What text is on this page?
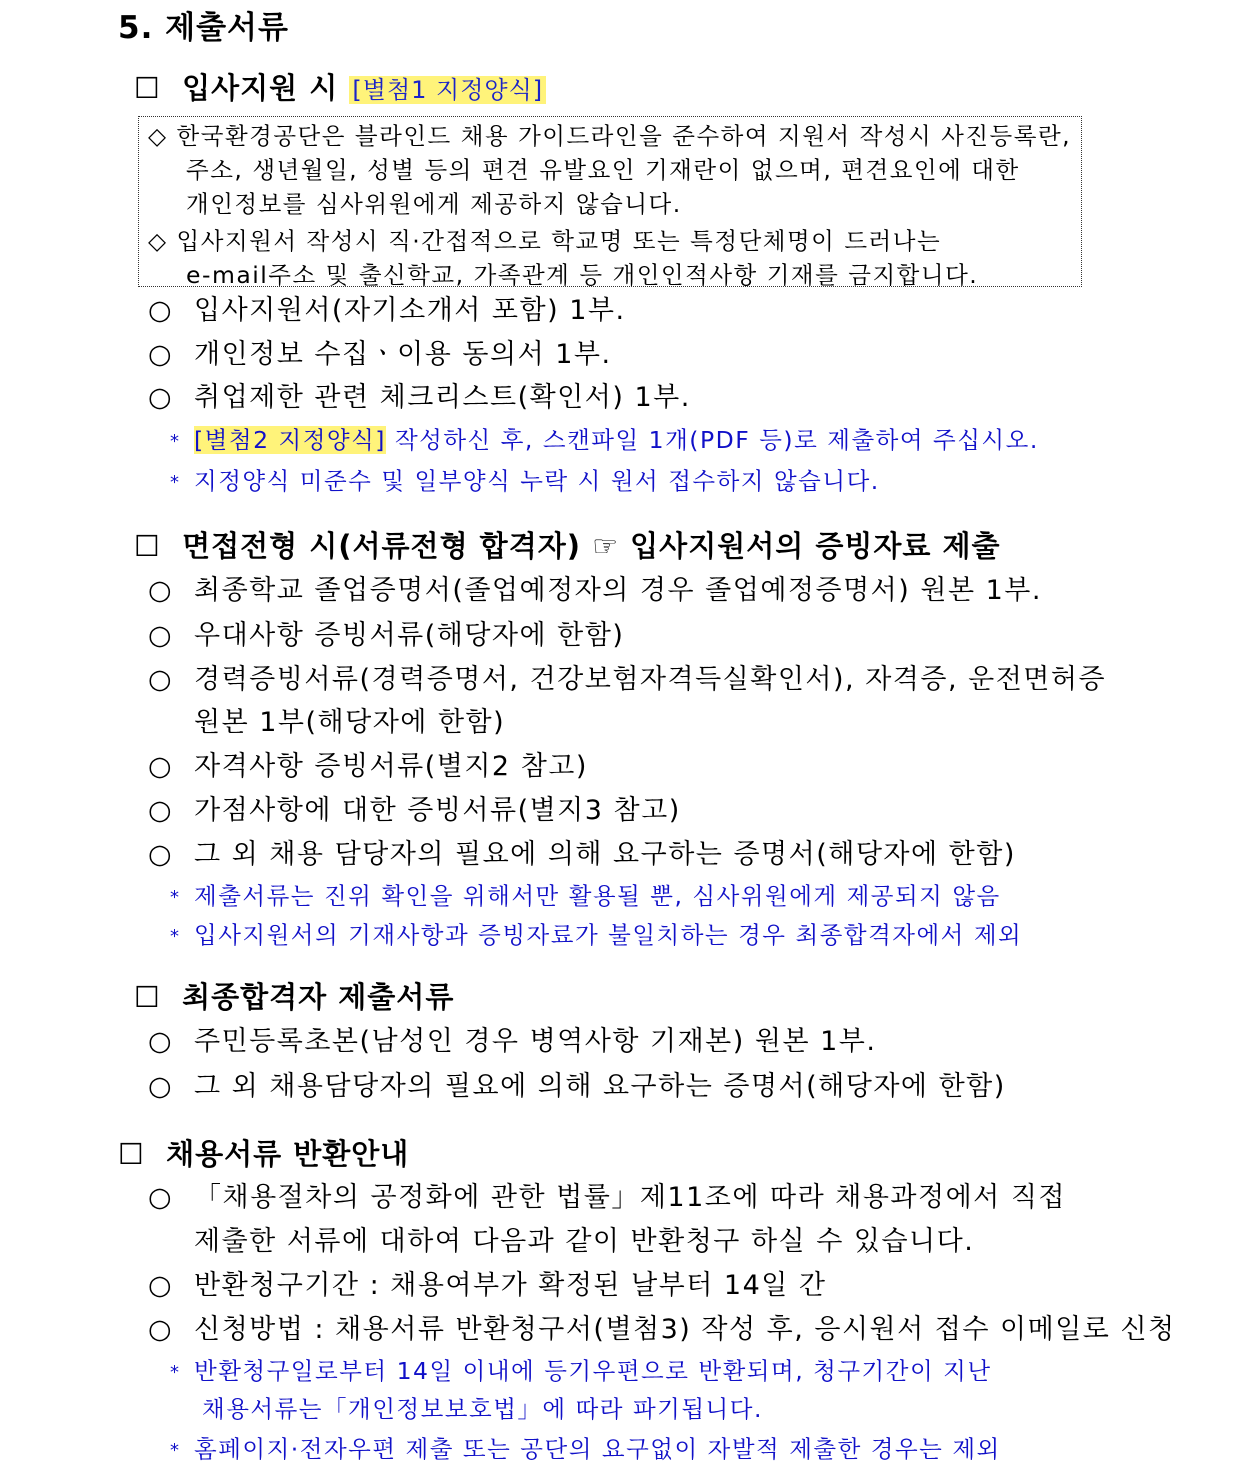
5. 제출서류
☐ 입사지원 시 [별첨1 지정양식]
◇ 한국환경공단은 블라인드 채용 가이드라인을 준수하여 지원서 작성시 사진등록란,
주소, 생년월일, 성별 등의 편견 유발요인 기재란이 없으며, 편견요인에 대한
개인정보를 심사위원에게 제공하지 않습니다.
◇ 입사지원서 작성시 직·간접적으로 학교명 또는 특정단체명이 드러나는
e-mail주소 및 출신학교, 가족관계 등 개인인적사항 기재를 금지합니다.
○ 입사지원서(자기소개서 포함) 1부.
○ 개인정보 수집ㆍ이용 동의서 1부.
○ 취업제한 관련 체크리스트(확인서) 1부.
* [별첨2 지정양식] 작성하신 후, 스캔파일 1개(PDF 등)로 제출하여 주십시오.
* 지정양식 미준수 및 일부양식 누락 시 원서 접수하지 않습니다.
☐ 면접전형 시(서류전형 합격자) ☞ 입사지원서의 증빙자료 제출
○ 최종학교 졸업증명서(졸업예정자의 경우 졸업예정증명서) 원본 1부.
○ 우대사항 증빙서류(해당자에 한함)
○ 경력증빙서류(경력증명서, 건강보험자격득실확인서), 자격증, 운전면허증
원본 1부(해당자에 한함)
○ 자격사항 증빙서류(별지2 참고)
○ 가점사항에 대한 증빙서류(별지3 참고)
○ 그 외 채용 담당자의 필요에 의해 요구하는 증명서(해당자에 한함)
* 제출서류는 진위 확인을 위해서만 활용될 뿐, 심사위원에게 제공되지 않음
* 입사지원서의 기재사항과 증빙자료가 불일치하는 경우 최종합격자에서 제외
☐ 최종합격자 제출서류
○ 주민등록초본(남성인 경우 병역사항 기재본) 원본 1부.
○ 그 외 채용담당자의 필요에 의해 요구하는 증명서(해당자에 한함)
☐ 채용서류 반환안내
○ 「채용절차의 공정화에 관한 법률」제11조에 따라 채용과정에서 직접
제출한 서류에 대하여 다음과 같이 반환청구 하실 수 있습니다.
○ 반환청구기간 : 채용여부가 확정된 날부터 14일 간
○ 신청방법 : 채용서류 반환청구서(별첨3) 작성 후, 응시원서 접수 이메일로 신청
* 반환청구일로부터 14일 이내에 등기우편으로 반환되며, 청구기간이 지난
채용서류는「개인정보보호법」에 따라 파기됩니다.
* 홈페이지·전자우편 제출 또는 공단의 요구없이 자발적 제출한 경우는 제외
